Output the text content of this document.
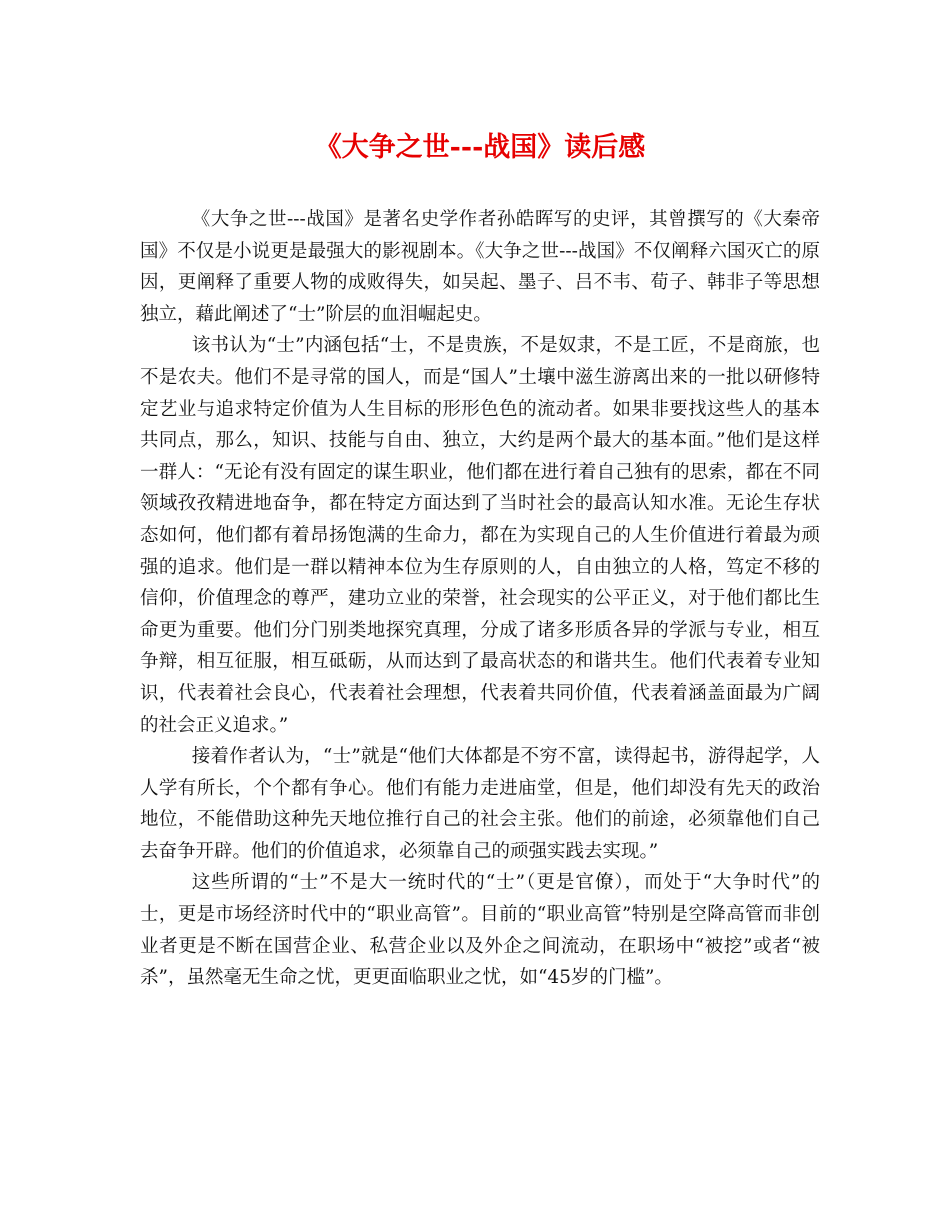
《大争之世---战国》读后感

《大争之世---战国》是著名史学作者孙皓晖写的史评，其曾撰写的《大秦帝国》不仅是小说更是最强大的影视剧本。《大争之世---战国》不仅阐释六国灭亡的原因，更阐释了重要人物的成败得失，如吴起、墨子、吕不韦、荀子、韩非子等思想独立，藉此阐述了“士”阶层的血泪崛起史。

该书认为“士”内涵包括“士，不是贵族，不是奴隶，不是工匠，不是商旅，也不是农夫。他们不是寻常的国人，而是“国人”土壤中滋生游离出来的一批以研修特定艺业与追求特定价值为人生目标的形形色色的流动者。如果非要找这些人的基本共同点，那么，知识、技能与自由、独立，大约是两个最大的基本面。”他们是这样一群人：“无论有没有固定的谋生职业，他们都在进行着自己独有的思索，都在不同领域孜孜精进地奋争，都在特定方面达到了当时社会的最高认知水准。无论生存状态如何，他们都有着昂扬饱满的生命力，都在为实现自己的人生价值进行着最为顽强的追求。他们是一群以精神本位为生存原则的人，自由独立的人格，笃定不移的信仰，价值理念的尊严，建功立业的荣誉，社会现实的公平正义，对于他们都比生命更为重要。他们分门别类地探究真理，分成了诸多形质各异的学派与专业，相互争辩，相互征服，相互砥砺，从而达到了最高状态的和谐共生。他们代表着专业知识，代表着社会良心，代表着社会理想，代表着共同价值，代表着涵盖面最为广阔的社会正义追求。”

接着作者认为，“士”就是“他们大体都是不穷不富，读得起书，游得起学，人人学有所长，个个都有争心。他们有能力走进庙堂，但是，他们却没有先天的政治地位，不能借助这种先天地位推行自己的社会主张。他们的前途，必须靠他们自己去奋争开辟。他们的价值追求，必须靠自己的顽强实践去实现。”

这些所谓的“士”不是大一统时代的“士”（更是官僚），而处于“大争时代”的士，更是市场经济时代中的“职业高管”。目前的“职业高管”特别是空降高管而非创业者更是不断在国营企业、私营企业以及外企之间流动，在职场中“被挖”或者“被杀”，虽然毫无生命之忧，更更面临职业之忧，如“45岁的门槛”。
